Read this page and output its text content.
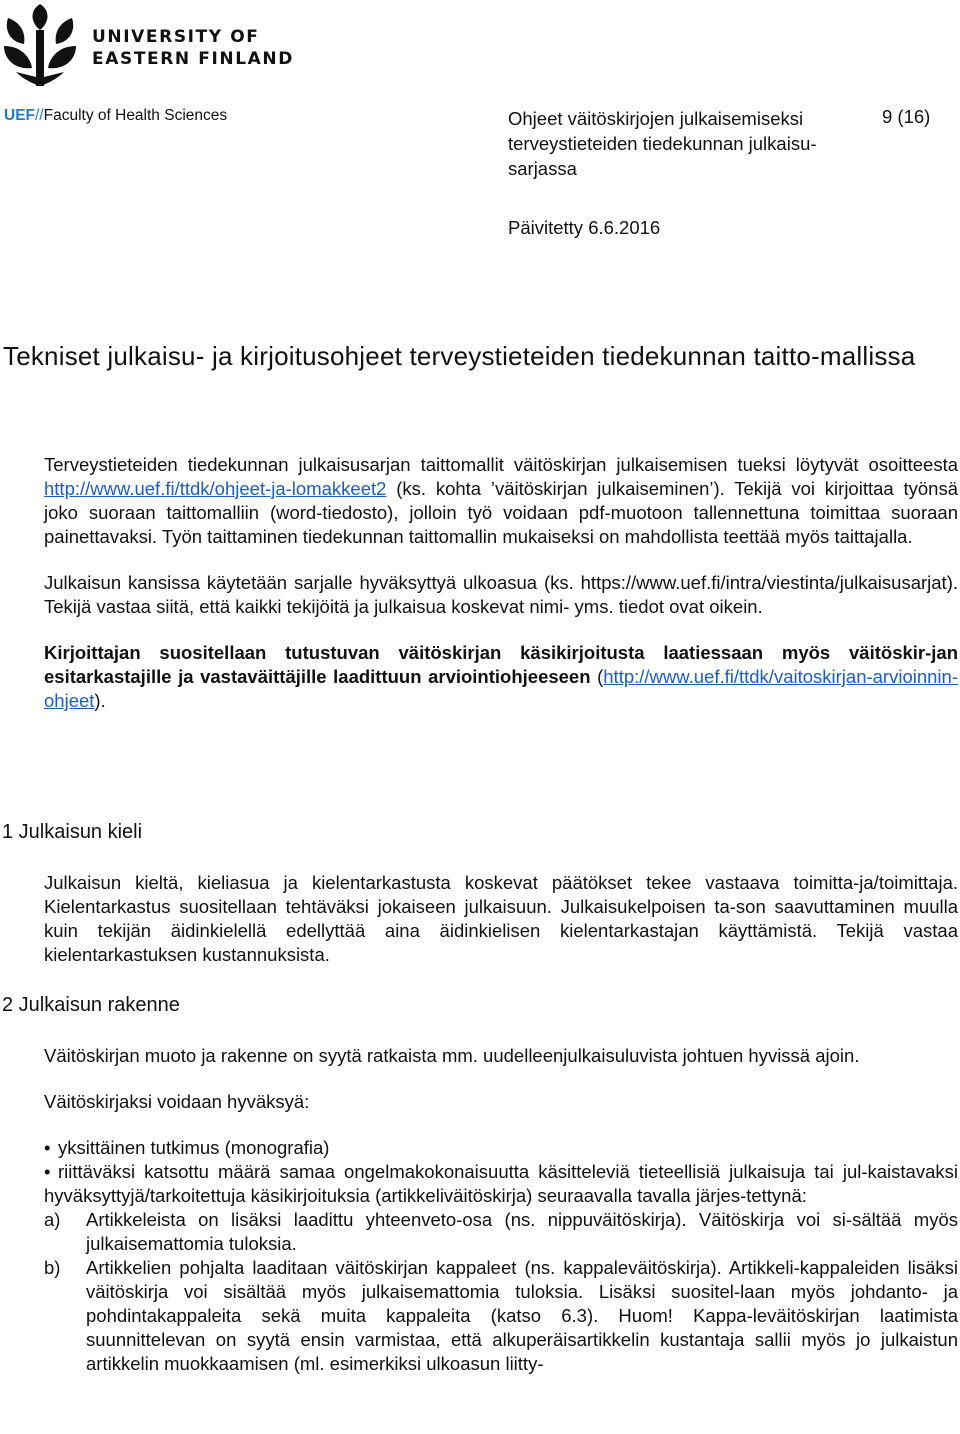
UNIVERSITY OF
EASTERN FINLAND
UEF//Faculty of Health Sciences	Ohjeet väitöskirjojen julkaisemiseksi terveystieteiden tiedekunnan julkaisu-sarjassa
9 (16)
Päivitetty 6.6.2016
Tekniset julkaisu- ja kirjoitusohjeet terveystieteiden tiedekunnan taitto-mallissa

Terveystieteiden tiedekunnan julkaisusarjan taittomallit väitöskirjan julkaisemisen tueksi löytyvät osoitteesta http://www.uef.fi/ttdk/ohjeet-ja-lomakkeet2 (ks. kohta ’väitöskirjan julkaiseminen’). Tekijä voi kirjoittaa työnsä joko suoraan taittomalliin (word-tiedosto), jolloin työ voidaan pdf-muotoon tallennettuna toimittaa suoraan painettavaksi. Työn taittaminen tiedekunnan taittomallin mukaiseksi on mahdollista teettää myös taittajalla.

Julkaisun kansissa käytetään sarjalle hyväksyttyä ulkoasua (ks. https://www.uef.fi/intra/viestinta/julkaisusarjat). Tekijä vastaa siitä, että kaikki tekijöitä ja julkaisua koskevat nimi- yms. tiedot ovat oikein.

Kirjoittajan suositellaan tutustuvan väitöskirjan käsikirjoitusta laatiessaan myös väitöskir-jan esitarkastajille ja vastaväittäjille laadittuun arviointiohjeeseen (http://www.uef.fi/ttdk/vaitoskirjan-arvioinnin-ohjeet).

1 Julkaisun kieli

Julkaisun kieltä, kieliasua ja kielentarkastusta koskevat päätökset tekee vastaava toimitta-ja/toimittaja. Kielentarkastus suositellaan tehtäväksi jokaiseen julkaisuun. Julkaisukelpoisen ta-son saavuttaminen muulla kuin tekijän äidinkielellä edellyttää aina äidinkielisen kielentarkastajan käyttämistä. Tekijä vastaa kielentarkastuksen kustannuksista.

2 Julkaisun rakenne

Väitöskirjan muoto ja rakenne on syytä ratkaista mm. uudelleenjulkaisuluvista johtuen hyvissä ajoin.

Väitöskirjaksi voidaan hyväksyä:

• yksittäinen tutkimus (monografia)
• riittäväksi katsottu määrä samaa ongelmakokonaisuutta käsitteleviä tieteellisiä julkaisuja tai jul-kaistavaksi hyväksyttyjä/tarkoitettuja käsikirjoituksia (artikkeliväitöskirja) seuraavalla tavalla järjes-tettynä:
a) Artikkeleista on lisäksi laadittu yhteenveto-osa (ns. nippuväitöskirja). Väitöskirja voi si-sältää myös julkaisemattomia tuloksia.
b) Artikkelien pohjalta laaditaan väitöskirjan kappaleet (ns. kappaleväitöskirja). Artikkeli-kappaleiden lisäksi väitöskirja voi sisältää myös julkaisemattomia tuloksia. Lisäksi suositel-laan myös johdanto- ja pohdintakappaleita sekä muita kappaleita (katso 6.3). Huom! Kappa-leväitöskirjan laatimista suunnittelevan on syytä ensin varmistaa, että alkuperäisartikkelin kustantaja sallii myös jo julkaistun artikkelin muokkaamisen (ml. esimerkiksi ulkoasun liitty-
